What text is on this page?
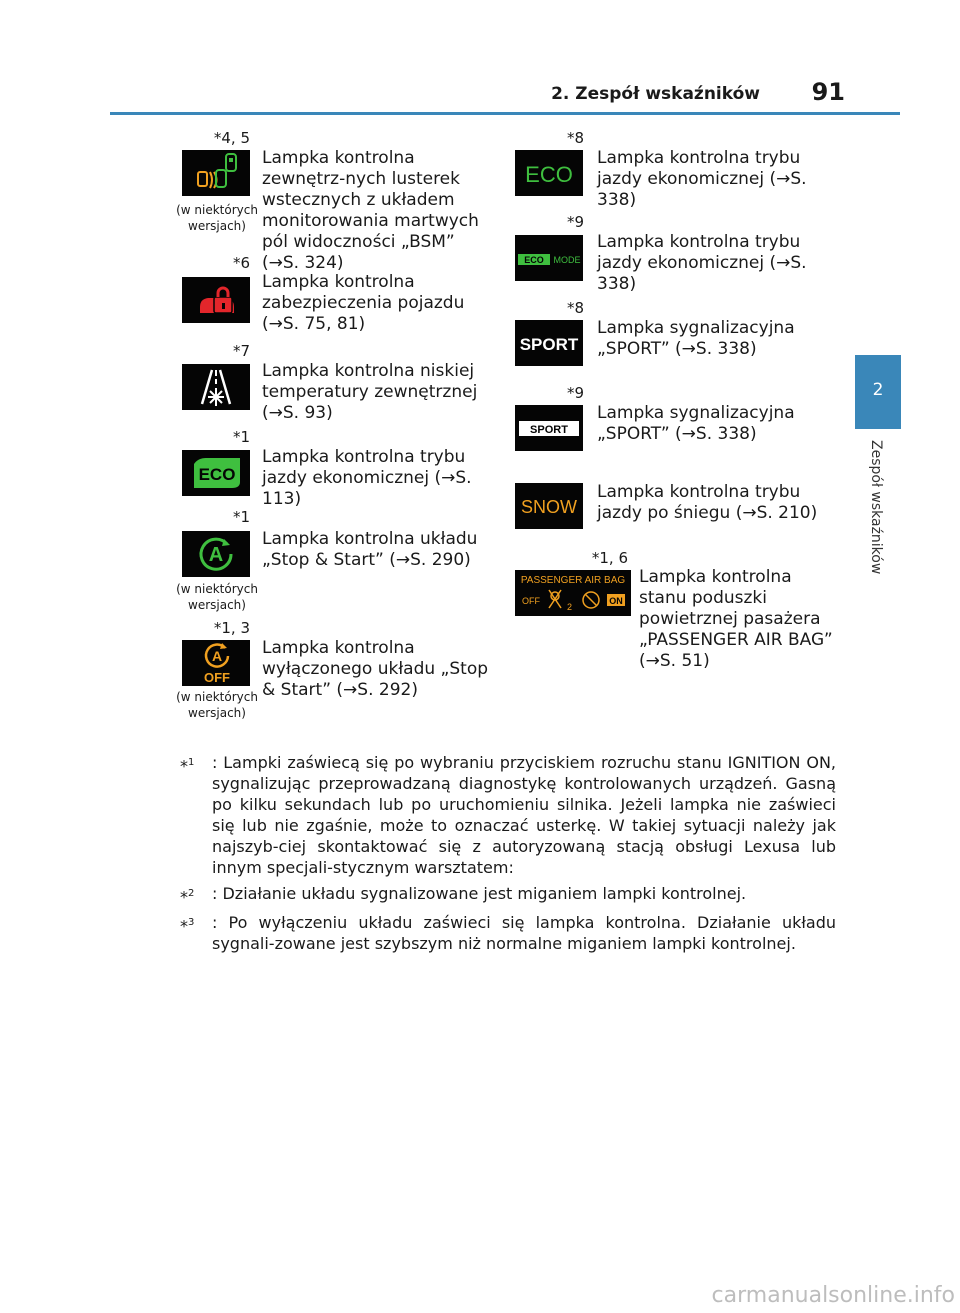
2. Zespół wskaźników	91
2
Zespół wskaźników
*4, 5
(w niektórych wersjach)
Lampka kontrolna zewnętrz-nych lusterek wstecznych z układem monitorowania martwych pól widoczności „BSM” (→S. 324)
*6
Lampka kontrolna zabezpieczenia pojazdu (→S. 75, 81)
*7
Lampka kontrolna niskiej temperatury zewnętrznej (→S. 93)
*1
ECO
Lampka kontrolna trybu jazdy ekonomicznej (→S. 113)
*1
A
(w niektórych wersjach)
Lampka kontrolna układu „Stop & Start” (→S. 290)
*1, 3
A
OFF
(w niektórych wersjach)
Lampka kontrolna wyłączonego układu „Stop & Start” (→S. 292)
*8
ECO
Lampka kontrolna trybu jazdy ekonomicznej (→S. 338)
*9
ECO MODE
Lampka kontrolna trybu jazdy ekonomicznej (→S. 338)
*8
SPORT
Lampka sygnalizacyjna „SPORT” (→S. 338)
*9
SPORT
Lampka sygnalizacyjna „SPORT” (→S. 338)
SNOW
Lampka kontrolna trybu jazdy po śniegu (→S. 210)
*1, 6
PASSENGER AIR BAG
OFF
2
ON
Lampka kontrolna stanu poduszki powietrznej pasażera „PASSENGER AIR BAG” (→S. 51)
*$^1$	: Lampki zaświecą się po wybraniu przyciskiem rozruchu stanu IGNITION ON, sygnalizując przeprowadzaną diagnostykę kontrolowanych urządzeń. Gasną po kilku sekundach lub po uruchomieniu silnika. Jeżeli lampka nie zaświeci się lub nie zgaśnie, może to oznaczać usterkę. W takiej sytuacji należy jak najszyb-ciej skontaktować się z autoryzowaną stacją obsługi Lexusa lub innym specjali-stycznym warsztatem:
*$^2$	: Działanie układu sygnalizowane jest miganiem lampki kontrolnej.
*$^3$	: Po wyłączeniu układu zaświeci się lampka kontrolna. Działanie układu sygnali-zowane jest szybszym niż normalne miganiem lampki kontrolnej.
carmanualsonline.info
